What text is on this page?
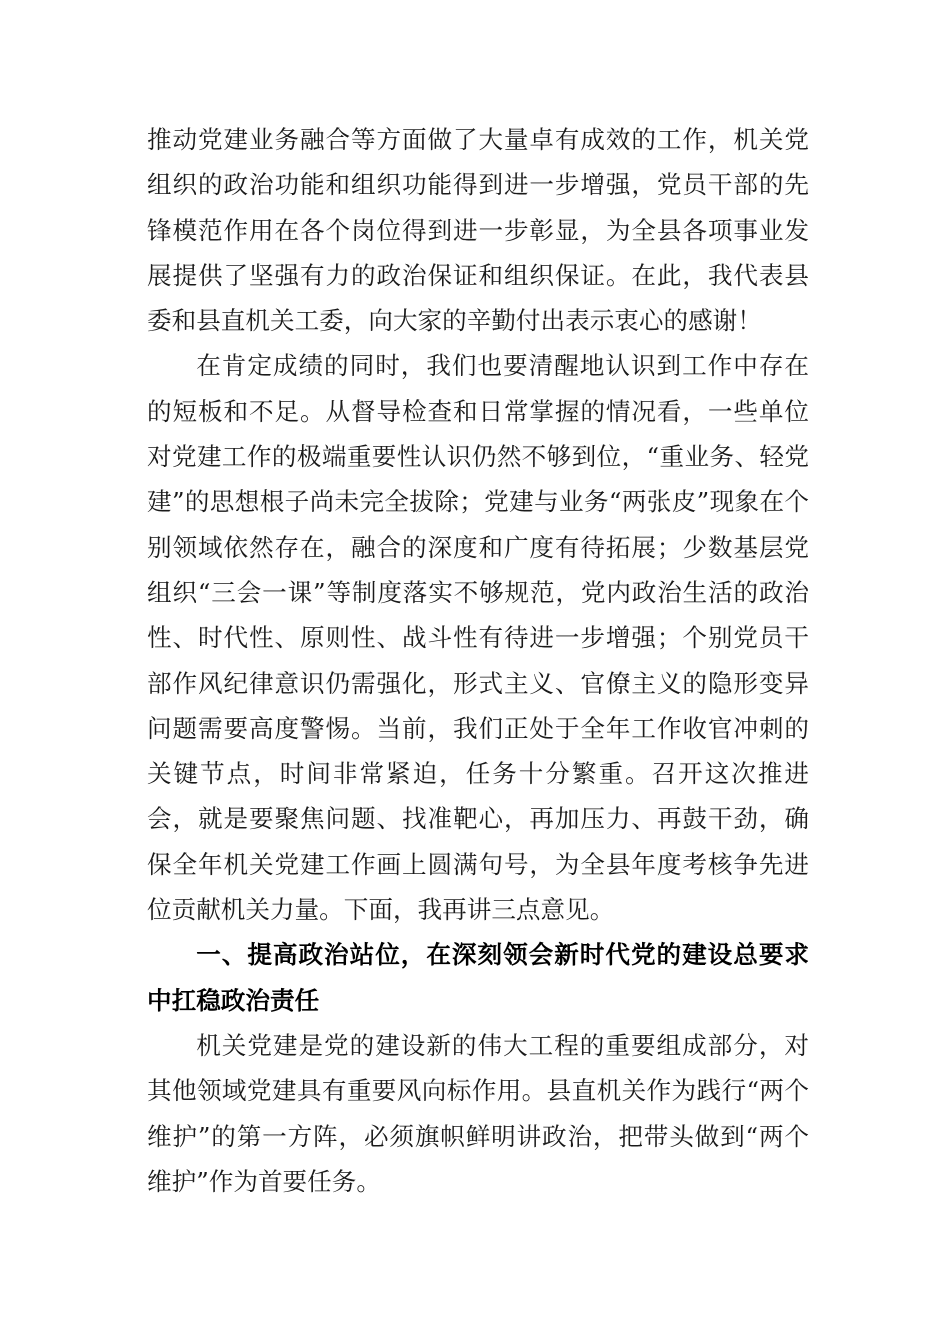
推动党建业务融合等方面做了大量卓有成效的工作，机关党组织的政治功能和组织功能得到进一步增强，党员干部的先锋模范作用在各个岗位得到进一步彰显，为全县各项事业发展提供了坚强有力的政治保证和组织保证。在此，我代表县委和县直机关工委，向大家的辛勤付出表示衷心的感谢！

在肯定成绩的同时，我们也要清醒地认识到工作中存在的短板和不足。从督导检查和日常掌握的情况看，一些单位对党建工作的极端重要性认识仍然不够到位，“重业务、轻党建”的思想根子尚未完全拔除；党建与业务“两张皮”现象在个别领域依然存在，融合的深度和广度有待拓展；少数基层党组织“三会一课”等制度落实不够规范，党内政治生活的政治性、时代性、原则性、战斗性有待进一步增强；个别党员干部作风纪律意识仍需强化，形式主义、官僚主义的隐形变异问题需要高度警惕。当前，我们正处于全年工作收官冲刺的关键节点，时间非常紧迫，任务十分繁重。召开这次推进会，就是要聚焦问题、找准靶心，再加压力、再鼓干劲，确保全年机关党建工作画上圆满句号，为全县年度考核争先进位贡献机关力量。下面，我再讲三点意见。

一、提高政治站位，在深刻领会新时代党的建设总要求中扛稳政治责任

机关党建是党的建设新的伟大工程的重要组成部分，对其他领域党建具有重要风向标作用。县直机关作为践行“两个维护”的第一方阵，必须旗帜鲜明讲政治，把带头做到“两个维护”作为首要任务。
